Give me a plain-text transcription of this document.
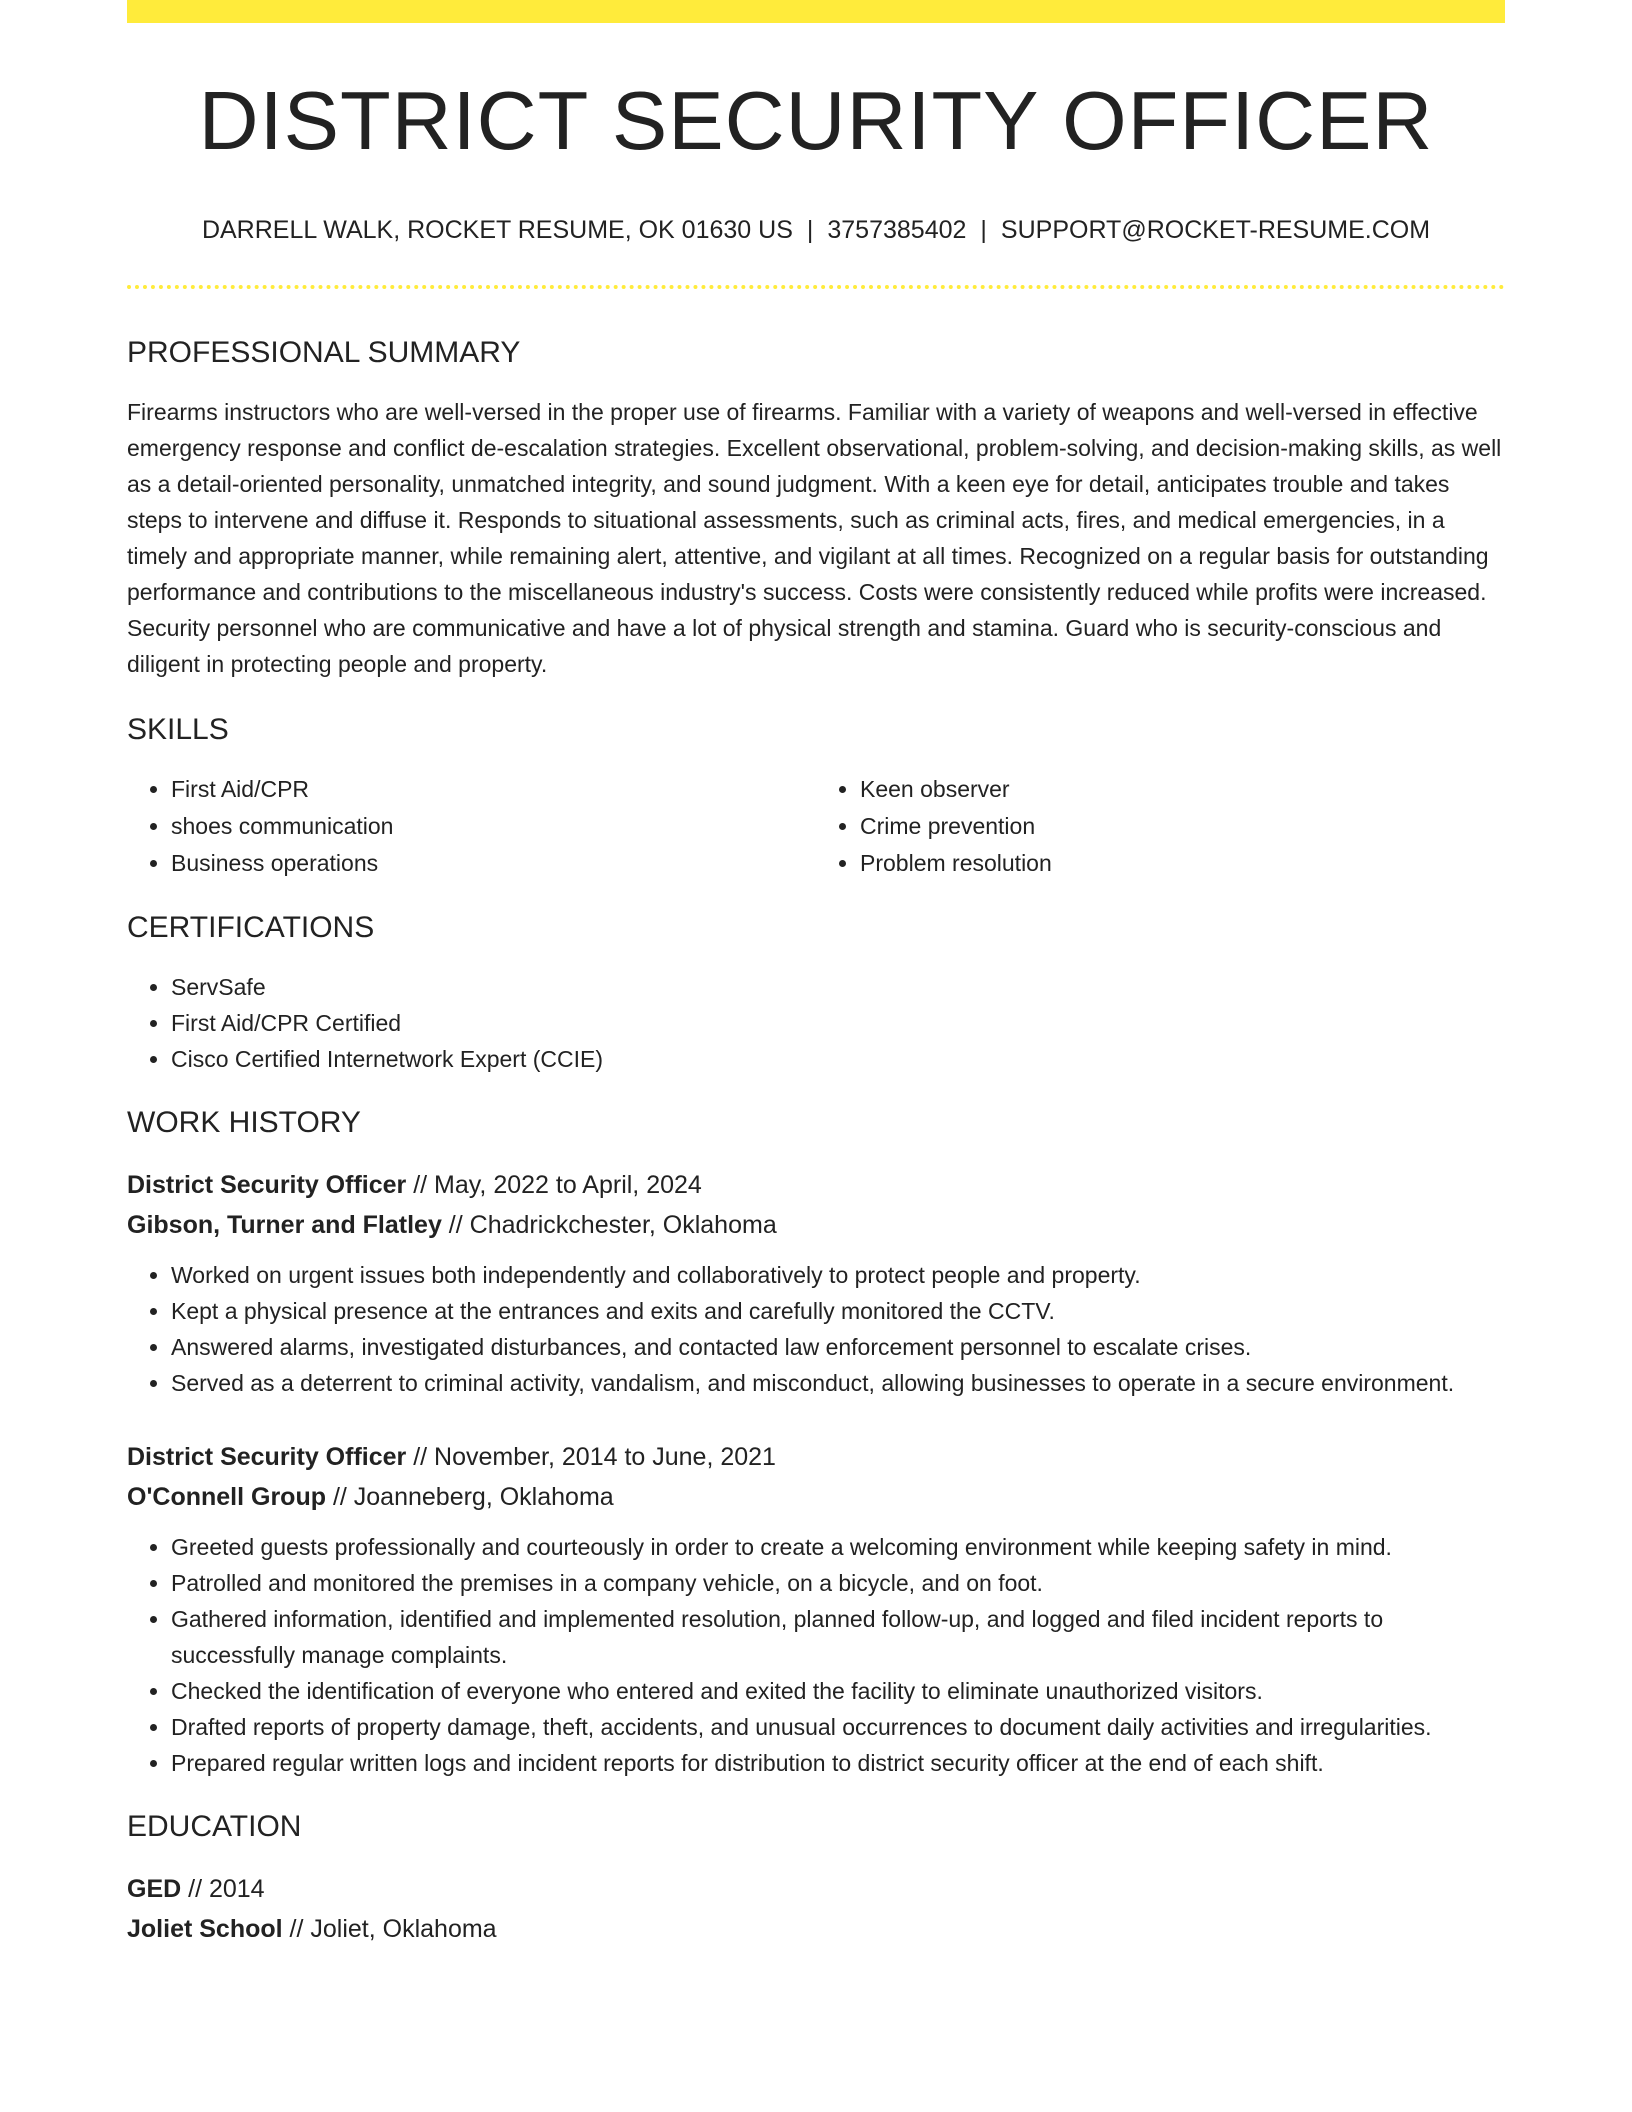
DISTRICT SECURITY OFFICER
DARRELL WALK, ROCKET RESUME, OK 01630 US | 3757385402 | SUPPORT@ROCKET-RESUME.COM
PROFESSIONAL SUMMARY
Firearms instructors who are well-versed in the proper use of firearms. Familiar with a variety of weapons and well-versed in effective emergency response and conflict de-escalation strategies. Excellent observational, problem-solving, and decision-making skills, as well as a detail-oriented personality, unmatched integrity, and sound judgment. With a keen eye for detail, anticipates trouble and takes steps to intervene and diffuse it. Responds to situational assessments, such as criminal acts, fires, and medical emergencies, in a timely and appropriate manner, while remaining alert, attentive, and vigilant at all times. Recognized on a regular basis for outstanding performance and contributions to the miscellaneous industry's success. Costs were consistently reduced while profits were increased. Security personnel who are communicative and have a lot of physical strength and stamina. Guard who is security-conscious and diligent in protecting people and property.
SKILLS
• First Aid/CPR
• shoes communication
• Business operations
• Keen observer
• Crime prevention
• Problem resolution
CERTIFICATIONS
• ServSafe
• First Aid/CPR Certified
• Cisco Certified Internetwork Expert (CCIE)
WORK HISTORY
District Security Officer // May, 2022 to April, 2024
Gibson, Turner and Flatley // Chadrickchester, Oklahoma
• Worked on urgent issues both independently and collaboratively to protect people and property.
• Kept a physical presence at the entrances and exits and carefully monitored the CCTV.
• Answered alarms, investigated disturbances, and contacted law enforcement personnel to escalate crises.
• Served as a deterrent to criminal activity, vandalism, and misconduct, allowing businesses to operate in a secure environment.
District Security Officer // November, 2014 to June, 2021
O'Connell Group // Joanneberg, Oklahoma
• Greeted guests professionally and courteously in order to create a welcoming environment while keeping safety in mind.
• Patrolled and monitored the premises in a company vehicle, on a bicycle, and on foot.
• Gathered information, identified and implemented resolution, planned follow-up, and logged and filed incident reports to successfully manage complaints.
• Checked the identification of everyone who entered and exited the facility to eliminate unauthorized visitors.
• Drafted reports of property damage, theft, accidents, and unusual occurrences to document daily activities and irregularities.
• Prepared regular written logs and incident reports for distribution to district security officer at the end of each shift.
EDUCATION
GED // 2014
Joliet School // Joliet, Oklahoma
